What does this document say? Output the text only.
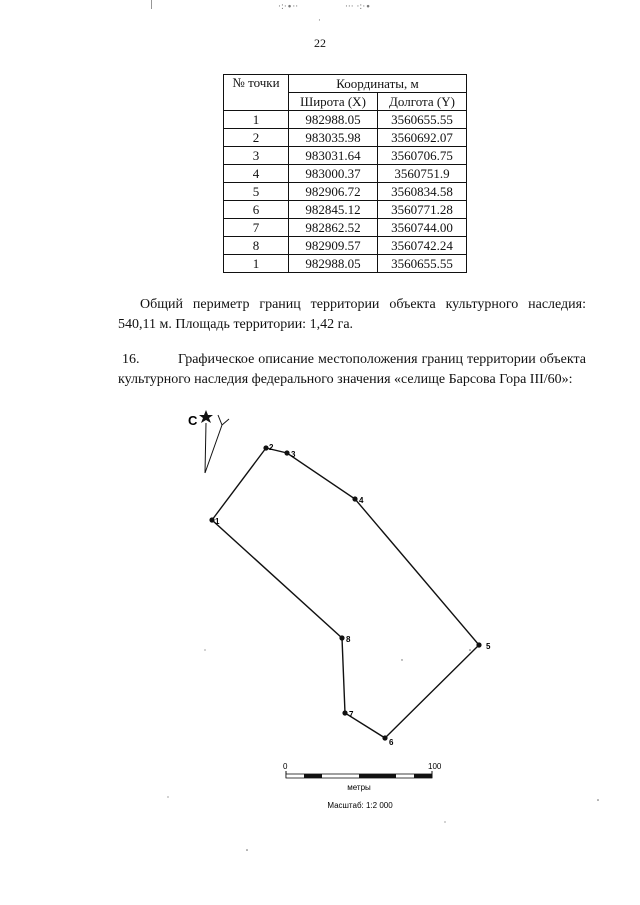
|	·:·∙··	··· ·:·∙
·
22
№ точки	Координаты, м	
	Широта (X)	Долгота (Y)
1	982988.05	3560655.55
2	983035.98	3560692.07
3	983031.64	3560706.75
4	983000.37	3560751.9
5	982906.72	3560834.58
6	982845.12	3560771.28
7	982862.52	3560744.00
8	982909.57	3560742.24
1	982988.05	3560655.55

Общий периметр границ территории объекта культурного наследия: 540,11 м. Площадь территории: 1,42 га.

16.	Графическое описание местоположения границ территории объекта культурного наследия федерального значения «селище Барсова Гора III/60»:

С
1
2
3
4
5
6
7
8
0	100
метры
Масштаб: 1:2 000
